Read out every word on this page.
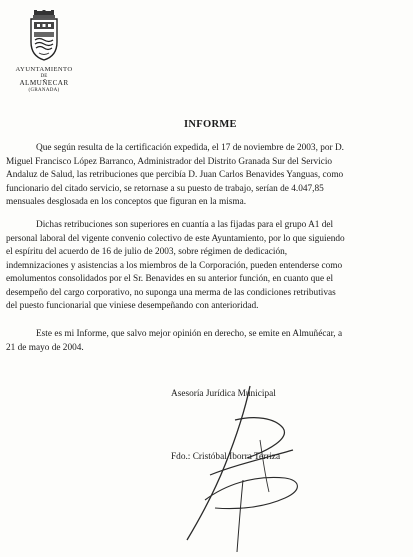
AYUNTAMIENTO
DE
ALMUÑECAR
(GRANADA)
INFORME
Que según resulta de la certificación expedida, el 17 de noviembre de 2003, por D.
Miguel Francisco López Barranco, Administrador del Distrito Granada Sur del Servicio
Andaluz de Salud, las retribuciones que percibía D. Juan Carlos Benavides Yanguas, como
funcionario del citado servicio, se retornase a su puesto de trabajo, serían de 4.047,85
mensuales desglosada en los conceptos que figuran en la misma.
Dichas retribuciones son superiores en cuantía a las fijadas para el grupo A1 del
personal laboral del vigente convenio colectivo de este Ayuntamiento, por lo que siguiendo
el espíritu del acuerdo de 16 de julio de 2003, sobre régimen de dedicación,
indemnizaciones y asistencias a los miembros de la Corporación, pueden entenderse como
emolumentos consolidados por el Sr. Benavides en su anterior función, en cuanto que el
desempeño del cargo corporativo, no suponga una merma de las condiciones retributivas
del puesto funcionarial que viniese desempeñando con anterioridad.
Este es mi Informe, que salvo mejor opinión en derecho, se emite en Almuñécar, a
21 de mayo de 2004.
Asesoría Jurídica Municipal
Fdo.: Cristóbal Iborra Terriza
